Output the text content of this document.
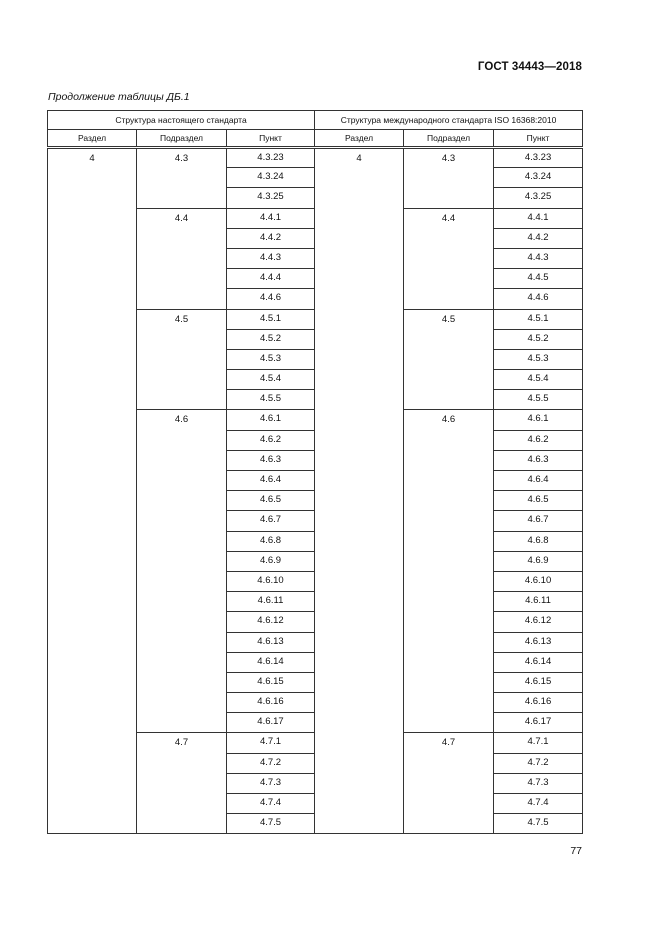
ГОСТ 34443—2018
Продолжение таблицы ДБ.1
Структура настоящего стандарта			Структура международного стандарта ISO 16368:2010		
Раздел	Подраздел	Пункт	Раздел	Подраздел	Пункт
4	4.3	4.3.23	4	4.3	4.3.23
		4.3.24			4.3.24
		4.3.25			4.3.25
	4.4	4.4.1		4.4	4.4.1
		4.4.2			4.4.2
		4.4.3			4.4.3
		4.4.4			4.4.5
		4.4.6			4.4.6
	4.5	4.5.1		4.5	4.5.1
		4.5.2			4.5.2
		4.5.3			4.5.3
		4.5.4			4.5.4
		4.5.5			4.5.5
	4.6	4.6.1		4.6	4.6.1
		4.6.2			4.6.2
		4.6.3			4.6.3
		4.6.4			4.6.4
		4.6.5			4.6.5
		4.6.7			4.6.7
		4.6.8			4.6.8
		4.6.9			4.6.9
		4.6.10			4.6.10
		4.6.11			4.6.11
		4.6.12			4.6.12
		4.6.13			4.6.13
		4.6.14			4.6.14
		4.6.15			4.6.15
		4.6.16			4.6.16
		4.6.17			4.6.17
	4.7	4.7.1		4.7	4.7.1
		4.7.2			4.7.2
		4.7.3			4.7.3
		4.7.4			4.7.4
		4.7.5			4.7.5
77
